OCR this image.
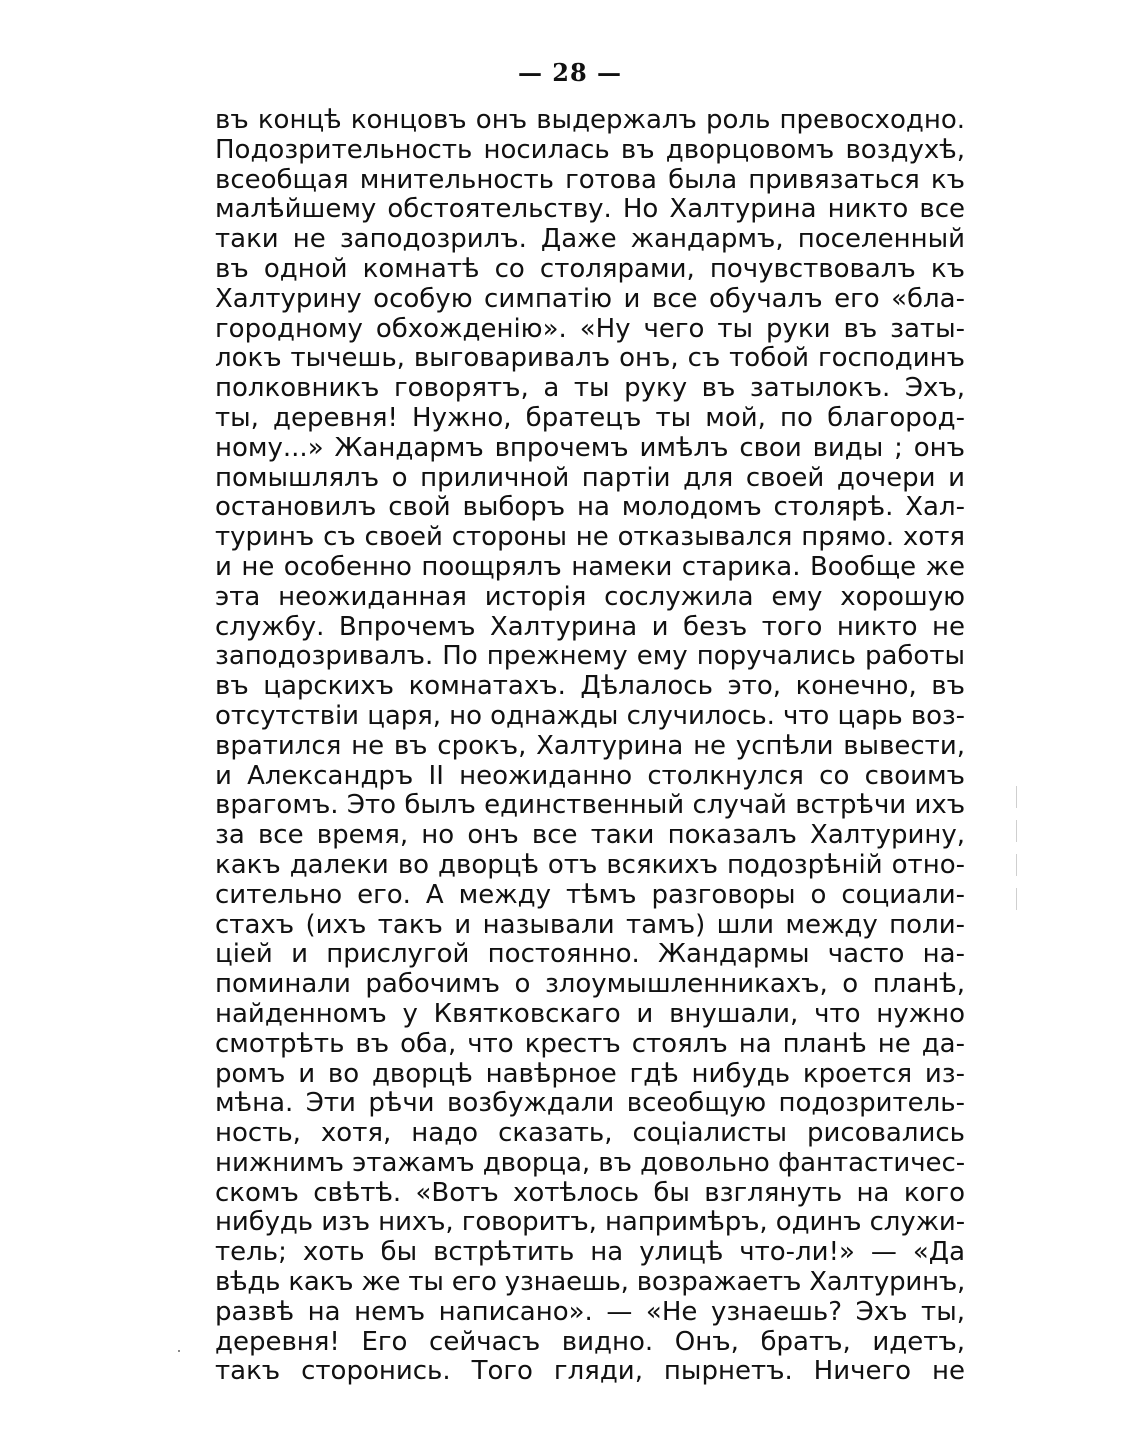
— 28 —
въ концѣ концовъ онъ выдержалъ роль превосходно.
Подозрительность носилась въ дворцовомъ воздухѣ,
всеобщая мнительность готова была привязаться къ
малѣйшему обстоятельству. Но Халтурина никто все
таки не заподозрилъ. Даже жандармъ, поселенный
въ одной комнатѣ со столярами, почувствовалъ къ
Халтурину особую симпатію и все обучалъ его «бла-
городному обхожденію». «Ну чего ты руки въ заты-
локъ тычешь, выговаривалъ онъ, съ тобой господинъ
полковникъ говорятъ, а ты руку въ затылокъ. Эхъ,
ты, деревня! Нужно, братецъ ты мой, по благород-
ному...» Жандармъ впрочемъ имѣлъ свои виды ; онъ
помышлялъ о приличной партіи для своей дочери и
остановилъ свой выборъ на молодомъ столярѣ. Хал-
туринъ съ своей стороны не отказывался прямо. хотя
и не особенно поощрялъ намеки старика. Вообще же
эта неожиданная исторія сослужила ему хорошую
службу. Впрочемъ Халтурина и безъ того никто не
заподозривалъ. По прежнему ему поручались работы
въ царскихъ комнатахъ. Дѣлалось это, конечно, въ
отсутствіи царя, но однажды случилось. что царь воз-
вратился не въ срокъ, Халтурина не успѣли вывести,
и Александръ II неожиданно столкнулся со своимъ
врагомъ. Это былъ единственный случай встрѣчи ихъ
за все время, но онъ все таки показалъ Халтурину,
какъ далеки во дворцѣ отъ всякихъ подозрѣній отно-
сительно его. А между тѣмъ разговоры о социали-
стахъ (ихъ такъ и называли тамъ) шли между поли-
ціей и прислугой постоянно. Жандармы часто на-
поминали рабочимъ о злоумышленникахъ, о планѣ,
найденномъ у Квятковскаго и внушали, что нужно
смотрѣть въ оба, что крестъ стоялъ на планѣ не да-
ромъ и во дворцѣ навѣрное гдѣ нибудь кроется из-
мѣна. Эти рѣчи возбуждали всеобщую подозритель-
ность, хотя, надо сказать, соціалисты рисовались
нижнимъ этажамъ дворца, въ довольно фантастичес-
скомъ свѣтѣ. «Вотъ хотѣлось бы взглянуть на кого
нибудь изъ нихъ, говоритъ, напримѣръ, одинъ служи-
тель; хоть бы встрѣтить на улицѣ что-ли!» — «Да
вѣдь какъ же ты его узнаешь, возражаетъ Халтуринъ,
развѣ на немъ написано». — «Не узнаешь? Эхъ ты,
деревня! Его сейчасъ видно. Онъ, братъ, идетъ,
такъ сторонись. Того гляди, пырнетъ. Ничего не
